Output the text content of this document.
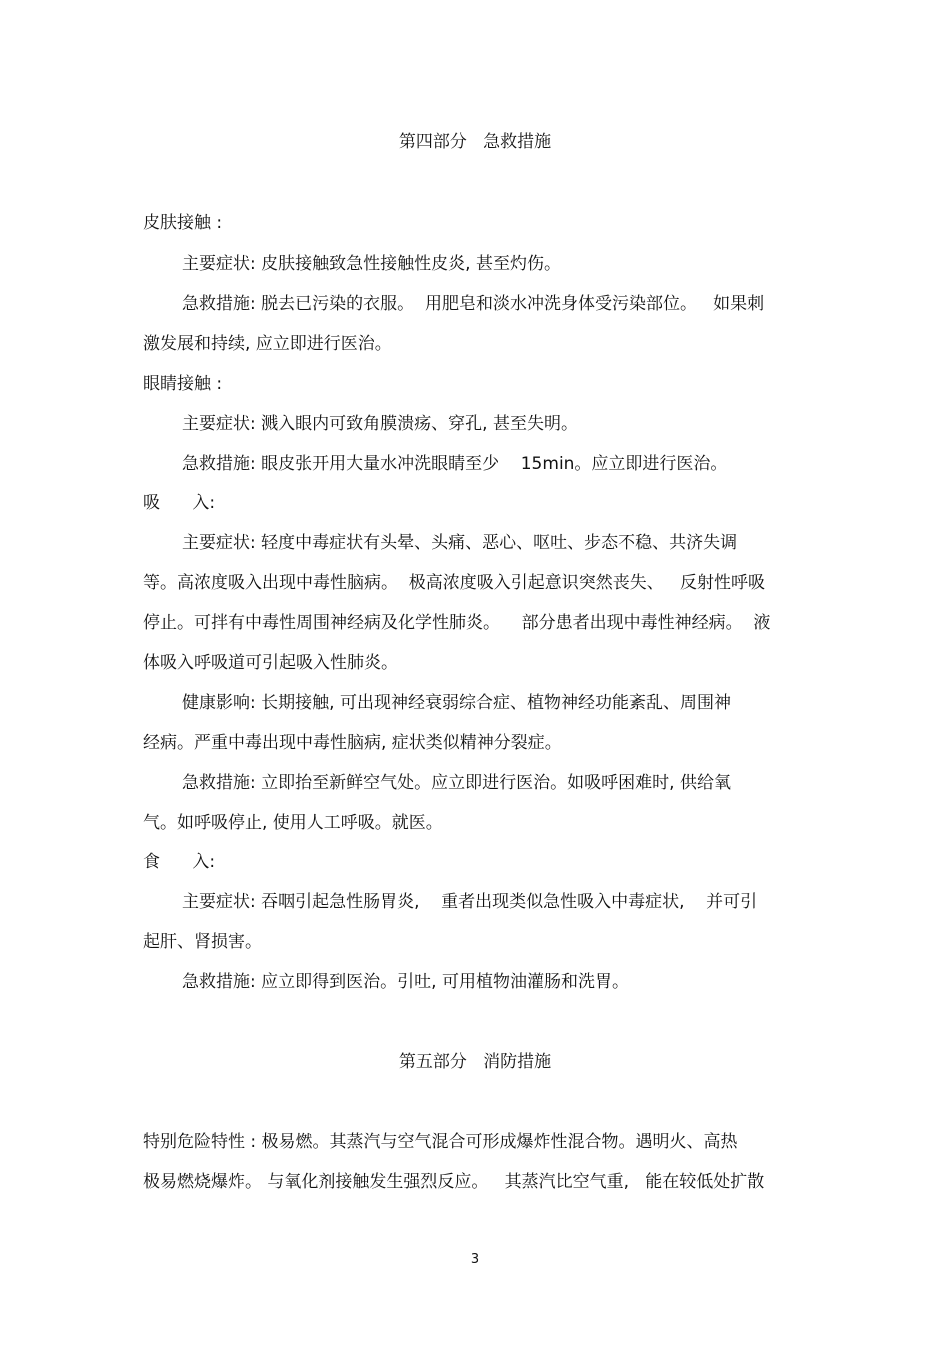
第四部分   急救措施
皮肤接触 :
主要症状: 皮肤接触致急性接触性皮炎, 甚至灼伤。
急救措施: 脱去已污染的衣服。  用肥皂和淡水冲洗身体受污染部位。   如果刺
激发展和持续, 应立即进行医治。
眼睛接触 :
主要症状: 溅入眼内可致角膜溃疡、穿孔, 甚至失明。
急救措施: 眼皮张开用大量水冲洗眼睛至少    15min。应立即进行医治。
吸      入:
主要症状: 轻度中毒症状有头晕、头痛、恶心、呕吐、步态不稳、共济失调
等。高浓度吸入出现中毒性脑病。  极高浓度吸入引起意识突然丧失、   反射性呼吸
停止。可拌有中毒性周围神经病及化学性肺炎。    部分患者出现中毒性神经病。  液
体吸入呼吸道可引起吸入性肺炎。
健康影响: 长期接触, 可出现神经衰弱综合症、植物神经功能紊乱、周围神
经病。严重中毒出现中毒性脑病, 症状类似精神分裂症。
急救措施: 立即抬至新鲜空气处。应立即进行医治。如吸呼困难时, 供给氧
气。如呼吸停止, 使用人工呼吸。就医。
食      入:
主要症状: 吞咽引起急性肠胃炎,    重者出现类似急性吸入中毒症状,    并可引
起肝、肾损害。
急救措施: 应立即得到医治。引吐, 可用植物油灌肠和洗胃。
第五部分   消防措施
特别危险特性 : 极易燃。其蒸汽与空气混合可形成爆炸性混合物。遇明火、高热
极易燃烧爆炸。 与氧化剂接触发生强烈反应。   其蒸汽比空气重,   能在较低处扩散
3
